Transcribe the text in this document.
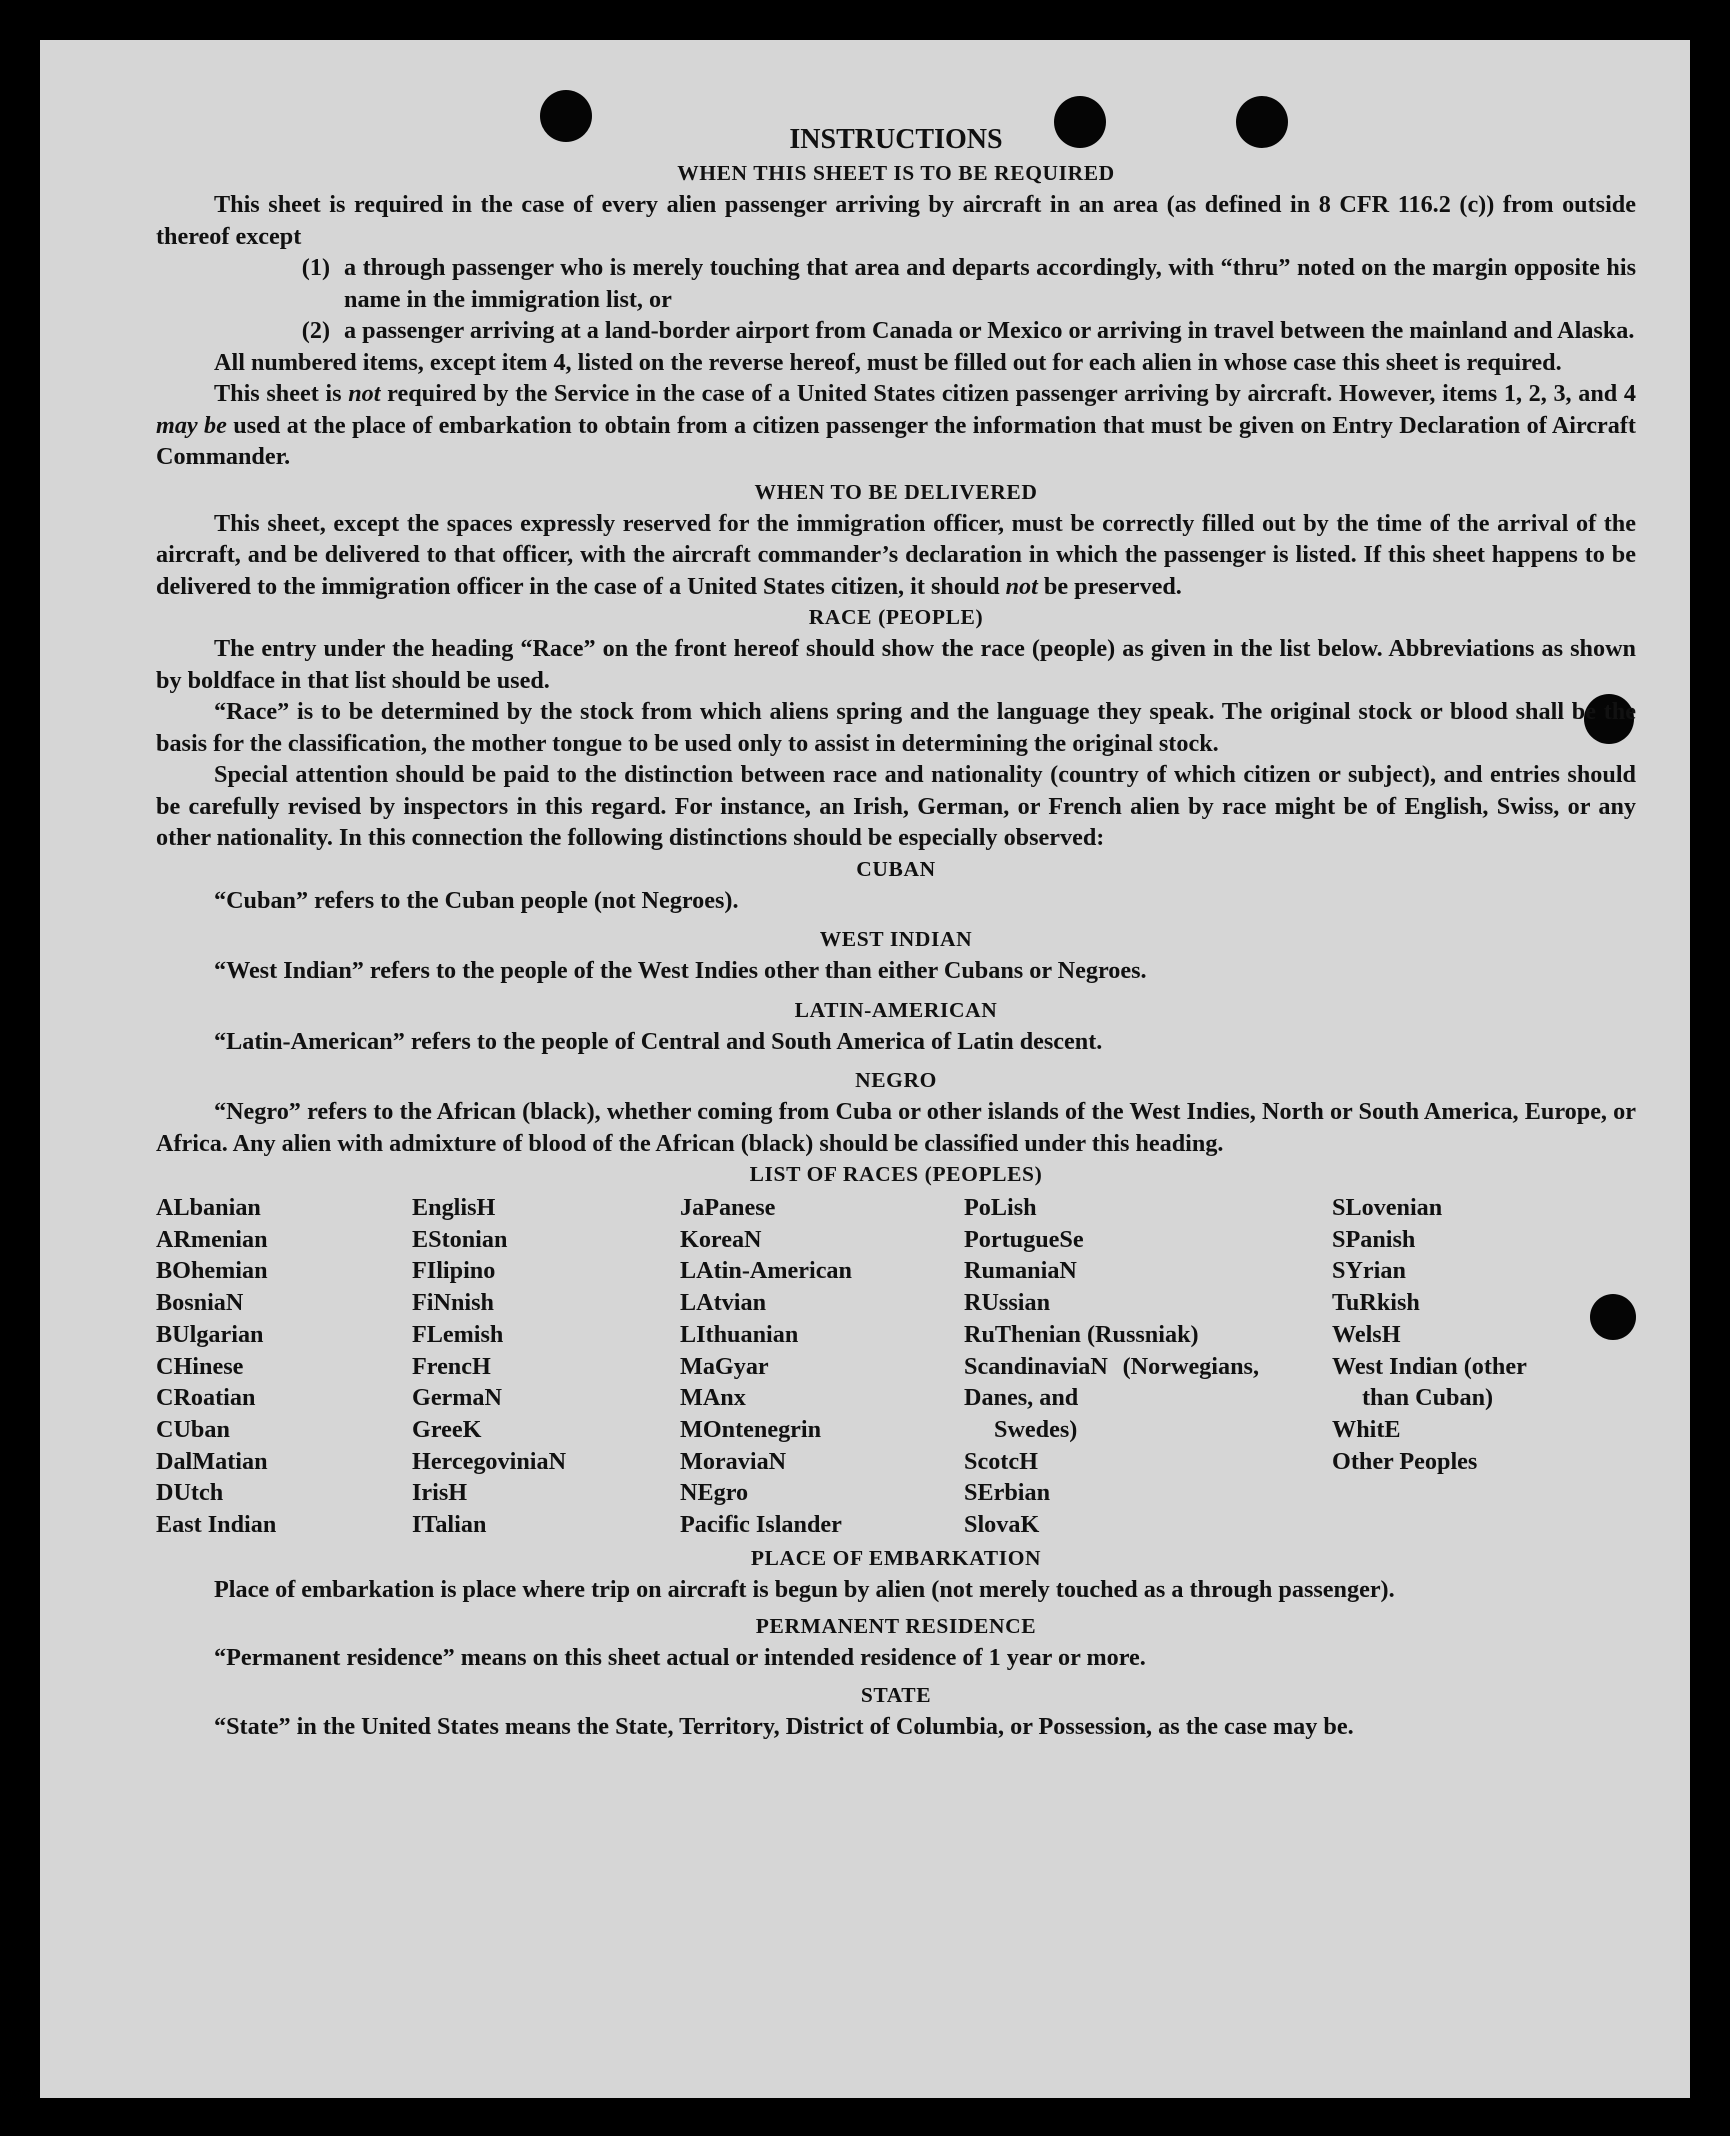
INSTRUCTIONS
WHEN THIS SHEET IS TO BE REQUIRED

This sheet is required in the case of every alien passenger arriving by aircraft in an area (as defined in 8 CFR 116.2 (c)) from outside thereof except

(1) a through passenger who is merely touching that area and departs accordingly, with “thru” noted on the margin opposite his name in the immigration list, or
(2) a passenger arriving at a land-border airport from Canada or Mexico or arriving in travel between the mainland and Alaska.

All numbered items, except item 4, listed on the reverse hereof, must be filled out for each alien in whose case this sheet is required.

This sheet is not required by the Service in the case of a United States citizen passenger arriving by aircraft. However, items 1, 2, 3, and 4 may be used at the place of embarkation to obtain from a citizen passenger the information that must be given on Entry Declaration of Aircraft Commander.

WHEN TO BE DELIVERED

This sheet, except the spaces expressly reserved for the immigration officer, must be correctly filled out by the time of the arrival of the aircraft, and be delivered to that officer, with the aircraft commander’s declaration in which the passenger is listed. If this sheet happens to be delivered to the immigration officer in the case of a United States citizen, it should not be preserved.

RACE (PEOPLE)

The entry under the heading “Race” on the front hereof should show the race (people) as given in the list below. Abbreviations as shown by boldface in that list should be used.

“Race” is to be determined by the stock from which aliens spring and the language they speak. The original stock or blood shall be the basis for the classification, the mother tongue to be used only to assist in determining the original stock.

Special attention should be paid to the distinction between race and nationality (country of which citizen or subject), and entries should be carefully revised by inspectors in this regard. For instance, an Irish, German, or French alien by race might be of English, Swiss, or any other nationality. In this connection the following distinctions should be especially observed:

CUBAN

“Cuban” refers to the Cuban people (not Negroes).

WEST INDIAN

“West Indian” refers to the people of the West Indies other than either Cubans or Negroes.

LATIN-AMERICAN

“Latin-American” refers to the people of Central and South America of Latin descent.

NEGRO

“Negro” refers to the African (black), whether coming from Cuba or other islands of the West Indies, North or South America, Europe, or Africa. Any alien with admixture of blood of the African (black) should be classified under this heading.

LIST OF RACES (PEOPLES)
ALbanian
ARmenian
BOhemian
BosniaN
BUlgarian
CHinese
CRoatian
CUban
DalMatian
DUtch
East Indian
EnglisH
EStonian
FIlipino
FiNnish
FLemish
FrencH
GermaN
GreeK
HercegoviniaN
IrisH
ITalian
JaPanese
KoreaN
LAtin-American
LAtvian
LIthuanian
MaGyar
MAnx
MOntenegrin
MoraviaN
NEgro
Pacific Islander
PoLish
PortugueSe
RumaniaN
RUssian
RuThenian (Russniak)
ScandinaviaN (Norwegians, Danes, and
Swedes)
ScotcH
SErbian
SlovaK
SLovenian
SPanish
SYrian
TuRkish
WelsH
West Indian (other
than Cuban)
WhitE
Other Peoples
PLACE OF EMBARKATION

Place of embarkation is place where trip on aircraft is begun by alien (not merely touched as a through passenger).

PERMANENT RESIDENCE

“Permanent residence” means on this sheet actual or intended residence of 1 year or more.

STATE

“State” in the United States means the State, Territory, District of Columbia, or Possession, as the case may be.
